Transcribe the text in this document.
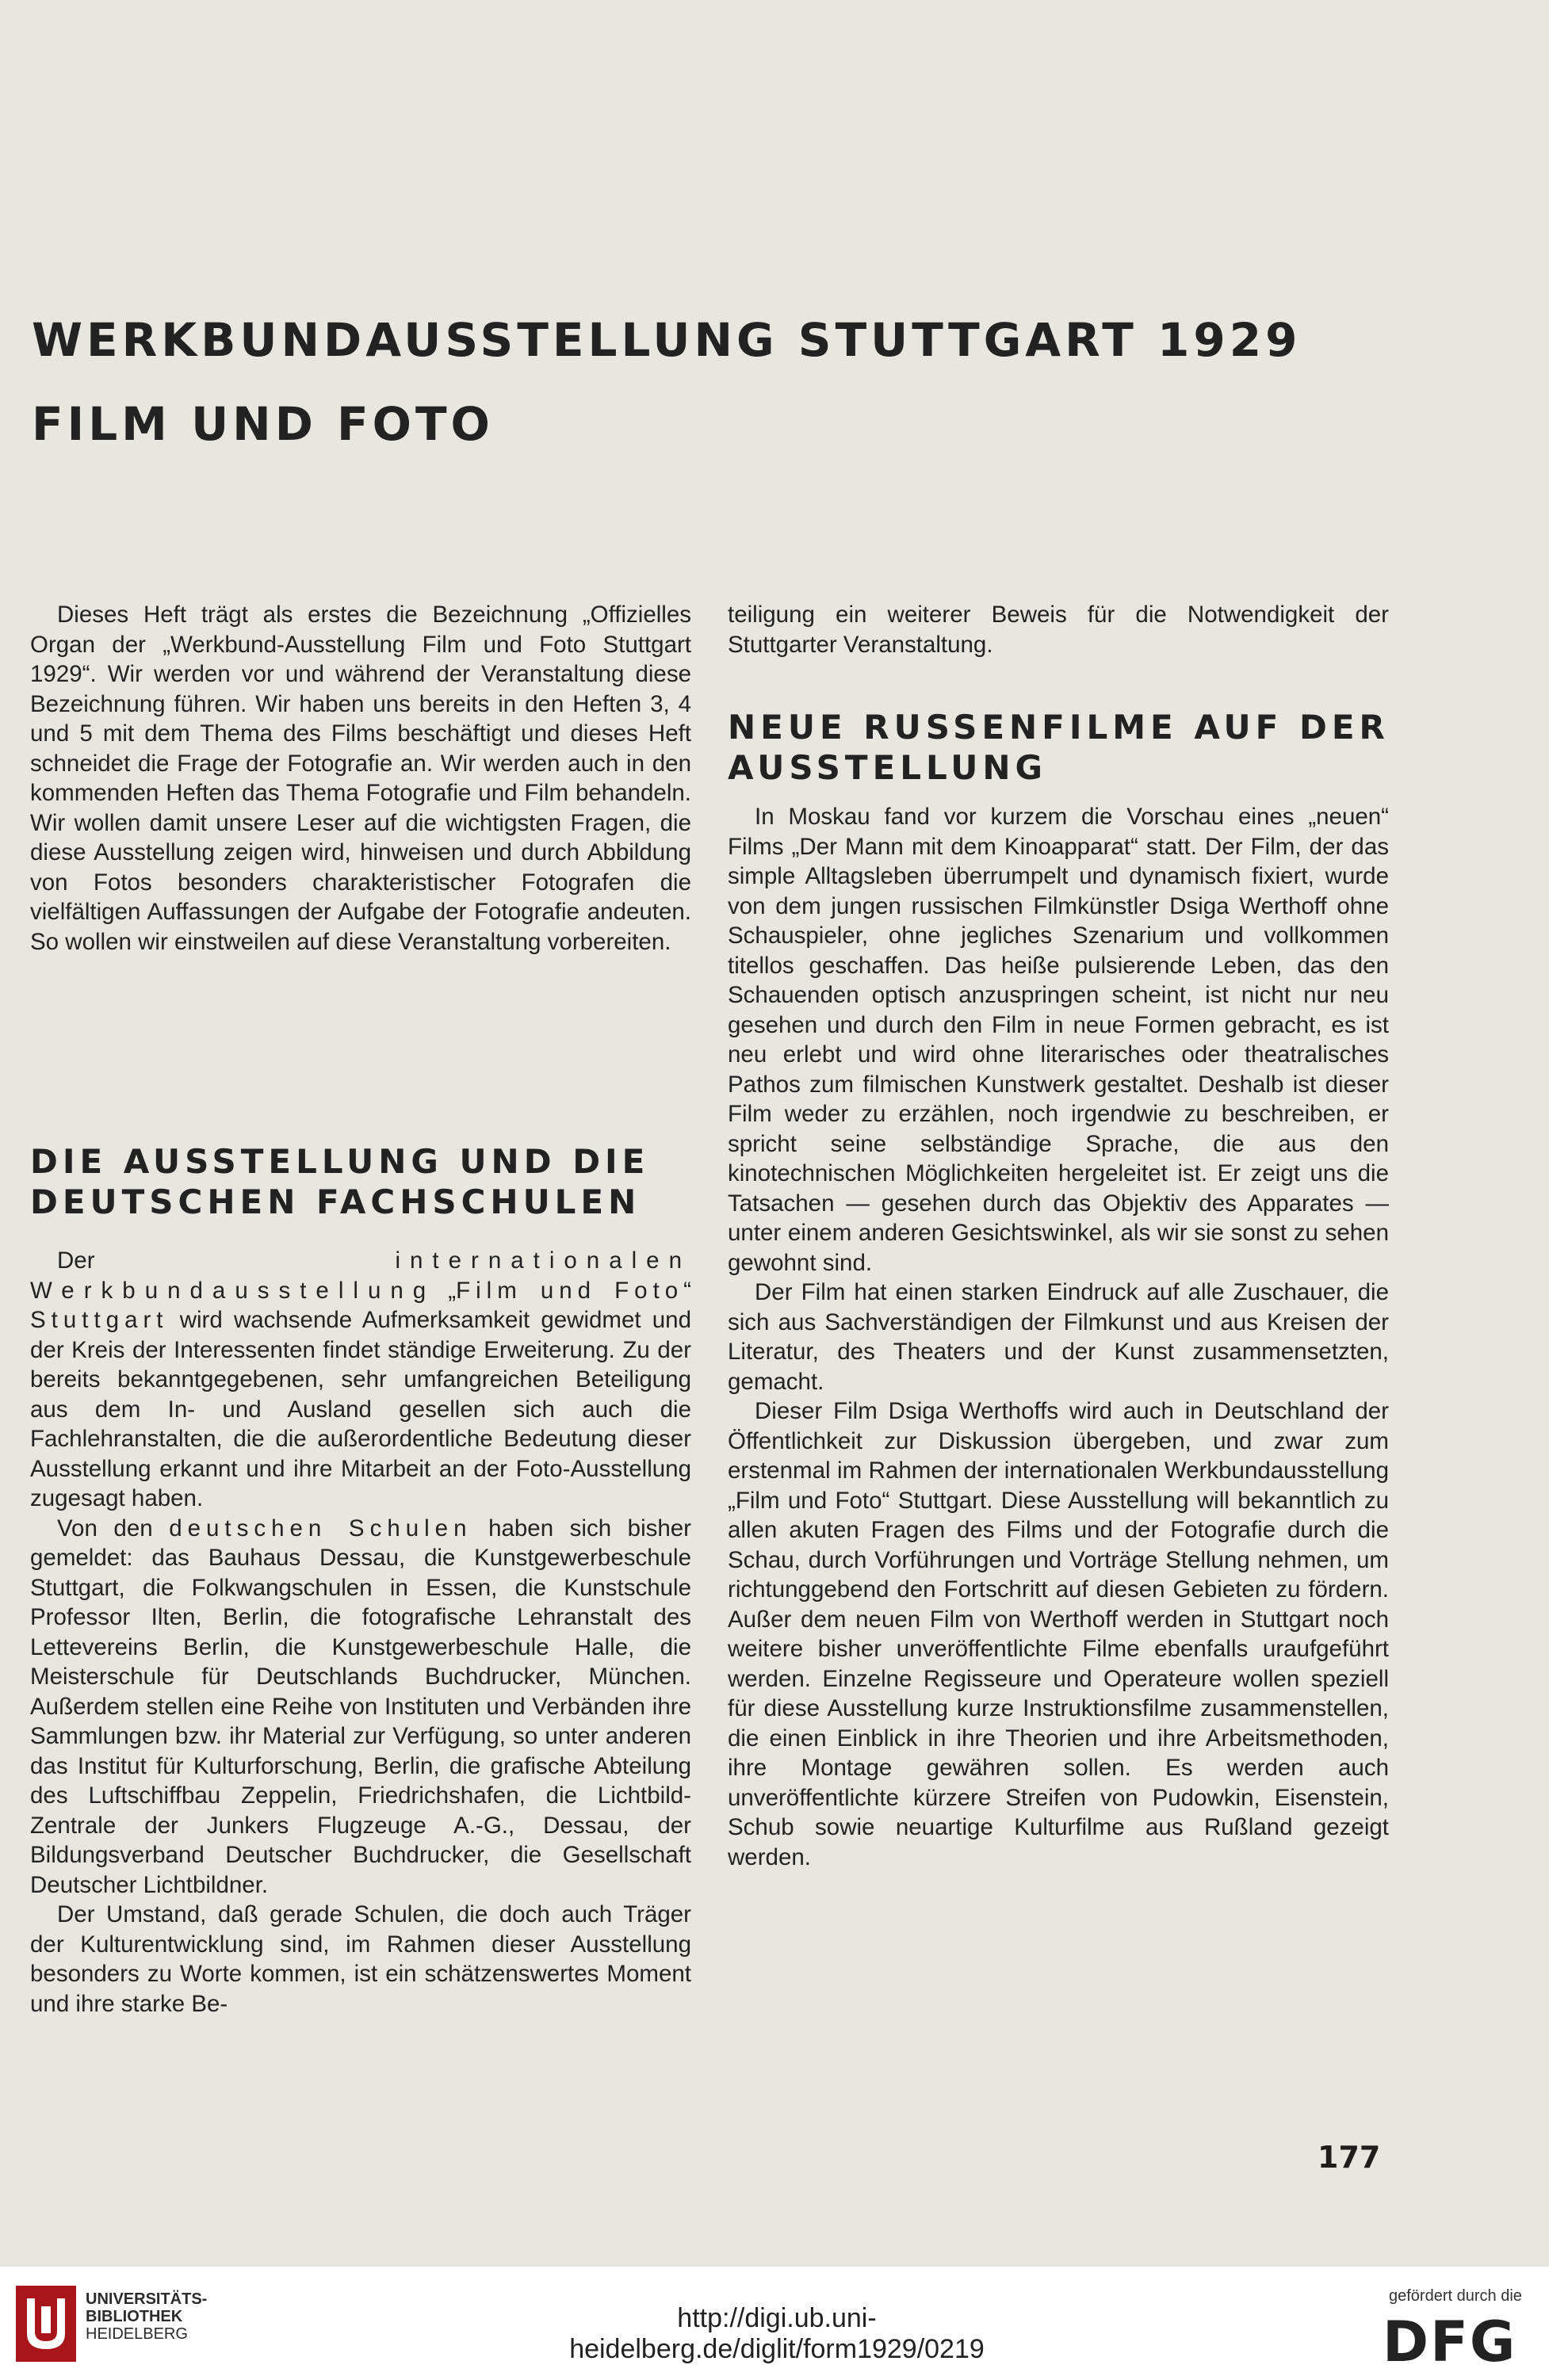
WERKBUNDAUSSTELLUNG STUTTGART 1929
FILM UND FOTO

Dieses Heft trägt als erstes die Bezeichnung „Offizielles Organ der „Werkbund-Ausstellung Film und Foto Stuttgart 1929“. Wir werden vor und während der Veranstaltung diese Bezeichnung führen. Wir haben uns bereits in den Heften 3, 4 und 5 mit dem Thema des Films beschäftigt und dieses Heft schneidet die Frage der Fotografie an. Wir werden auch in den kommenden Heften das Thema Fotografie und Film behandeln. Wir wollen damit unsere Leser auf die wichtigsten Fragen, die diese Ausstellung zeigen wird, hinweisen und durch Abbildung von Fotos besonders charakteristischer Fotografen die vielfältigen Auffassungen der Aufgabe der Fotografie andeuten. So wollen wir einstweilen auf diese Veranstaltung vorbereiten.

DIE AUSSTELLUNG UND DIE
DEUTSCHEN FACHSCHULEN

Der	internationalen Werkbundausstellung „Film und Foto“ Stuttgart wird wachsende Aufmerksamkeit gewidmet und der Kreis der Interessenten findet ständige Erweiterung. Zu der bereits bekanntgegebenen, sehr umfangreichen Beteiligung aus dem In- und Ausland gesellen sich auch die Fachlehranstalten, die die außerordentliche Bedeutung dieser Ausstellung erkannt und ihre Mitarbeit an der Foto-Ausstellung zugesagt haben.

Von den deutschen Schulen haben sich bisher gemeldet: das Bauhaus Dessau, die Kunstgewerbeschule Stuttgart, die Folkwangschulen in Essen, die Kunstschule Professor Ilten, Berlin, die fotografische Lehranstalt des Lettevereins Berlin, die Kunstgewerbeschule Halle, die Meisterschule für Deutschlands Buchdrucker, München. Außerdem stellen eine Reihe von Instituten und Verbänden ihre Sammlungen bzw. ihr Material zur Verfügung, so unter anderen das Institut für Kulturforschung, Berlin, die grafische Abteilung des Luftschiffbau Zeppelin, Friedrichshafen, die Lichtbild-Zentrale der Junkers Flugzeuge A.-G., Dessau, der Bildungsverband Deutscher Buchdrucker, die Gesellschaft Deutscher Lichtbildner.

Der Umstand, daß gerade Schulen, die doch auch Träger der Kulturentwicklung sind, im Rahmen dieser Ausstellung besonders zu Worte kommen, ist ein schätzenswertes Moment und ihre starke Be-

teiligung ein weiterer Beweis für die Notwendigkeit der Stuttgarter Veranstaltung.

NEUE RUSSENFILME AUF DER
AUSSTELLUNG

In Moskau fand vor kurzem die Vorschau eines „neuen“ Films „Der Mann mit dem Kinoapparat“ statt. Der Film, der das simple Alltagsleben überrumpelt und dynamisch fixiert, wurde von dem jungen russischen Filmkünstler Dsiga Werthoff ohne Schauspieler, ohne jegliches Szenarium und vollkommen titellos geschaffen. Das heiße pulsierende Leben, das den Schauenden optisch anzuspringen scheint, ist nicht nur neu gesehen und durch den Film in neue Formen gebracht, es ist neu erlebt und wird ohne literarisches oder theatralisches Pathos zum filmischen Kunstwerk gestaltet. Deshalb ist dieser Film weder zu erzählen, noch irgendwie zu beschreiben, er spricht seine selbständige Sprache, die aus den kinotechnischen Möglichkeiten hergeleitet ist. Er zeigt uns die Tatsachen — gesehen durch das Objektiv des Apparates — unter einem anderen Gesichtswinkel, als wir sie sonst zu sehen gewohnt sind.

Der Film hat einen starken Eindruck auf alle Zuschauer, die sich aus Sachverständigen der Filmkunst und aus Kreisen der Literatur, des Theaters und der Kunst zusammensetzten, gemacht.

Dieser Film Dsiga Werthoffs wird auch in Deutschland der Öffentlichkeit zur Diskussion übergeben, und zwar zum erstenmal im Rahmen der internationalen Werkbundausstellung „Film und Foto“ Stuttgart. Diese Ausstellung will bekanntlich zu allen akuten Fragen des Films und der Fotografie durch die Schau, durch Vorführungen und Vorträge Stellung nehmen, um richtunggebend den Fortschritt auf diesen Gebieten zu fördern. Außer dem neuen Film von Werthoff werden in Stuttgart noch weitere bisher unveröffentlichte Filme ebenfalls uraufgeführt werden. Einzelne Regisseure und Operateure wollen speziell für diese Ausstellung kurze Instruktionsfilme zusammenstellen, die einen Einblick in ihre Theorien und ihre Arbeitsmethoden, ihre Montage gewähren sollen. Es werden auch unveröffentlichte kürzere Streifen von Pudowkin, Eisenstein, Schub sowie neuartige Kulturfilme aus Rußland gezeigt werden.

177
UNIVERSITÄTS-
BIBLIOTHEK
HEIDELBERG
http://digi.ub.uni-heidelberg.de/diglit/form1929/0219
gefördert durch die
DFG
